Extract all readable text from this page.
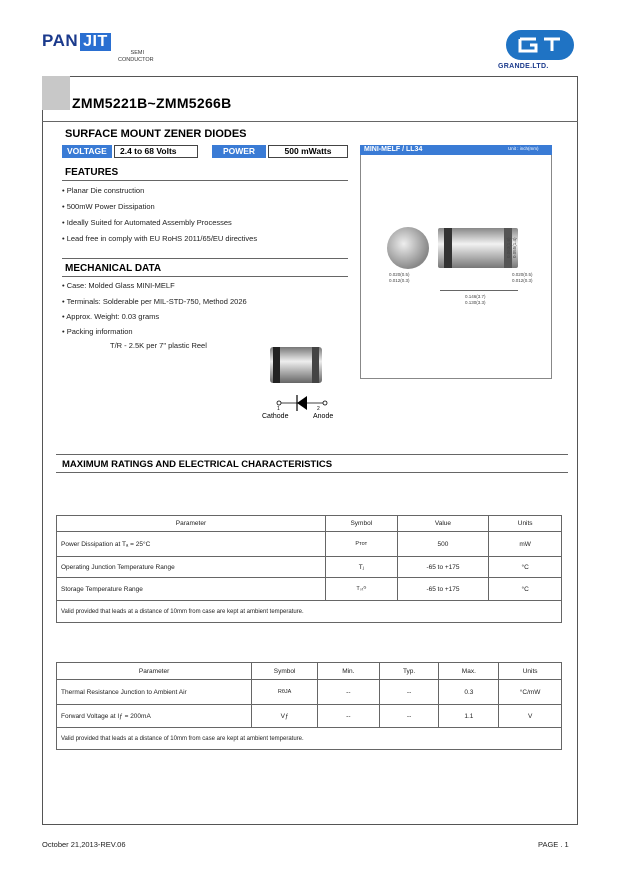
PAN JIT
SEMI
CONDUCTOR
GRANDE.LTD.
ZMM5221B~ZMM5266B
SURFACE MOUNT ZENER DIODES
VOLTAGE	2.4 to 68 Volts	POWER	500 mWatts
FEATURES
• Planar Die construction
• 500mW Power Dissipation
• Ideally Suited for Automated Assembly Processes
• Lead free in comply with EU RoHS 2011/65/EU directives
MECHANICAL DATA
• Case: Molded Glass MINI-MELF
• Terminals: Solderable per MIL-STD-750, Method 2026
• Approx. Weight: 0.03 grams
• Packing information
T/R - 2.5K per 7" plastic Reel
1	2
Cathode	Anode
MINI-MELF / LL34	Unit : inch(mm)
0.020(0.5)
0.012(0.3)
0.020(0.5)
0.012(0.3)
0.146(3.7)
0.130(3.3)
0.063(1.6) 0.055(1.4)
MAXIMUM RATINGS AND ELECTRICAL CHARACTERISTICS
Parameter	Symbol	Value	Units
Power Dissipation at Tₐ = 25°C	Pᴛᴏᴛ	500	mW
Operating Junction Temperature Range	Tⱼ	-65 to +175	°C
Storage Temperature Range	Tₛₜᴳ	-65 to +175	°C
Valid provided that leads at a distance of 10mm from case are kept at ambient temperature.
Parameter	Symbol	Min.	Typ.	Max.	Units
Thermal Resistance Junction to Ambient Air	RθJA	--	--	0.3	°C/mW
Forward Voltage at Iƒ = 200mA	Vƒ	--	--	1.1	V
Valid provided that leads at a distance of 10mm from case are kept at ambient temperature.
October 21,2013-REV.06	PAGE . 1
